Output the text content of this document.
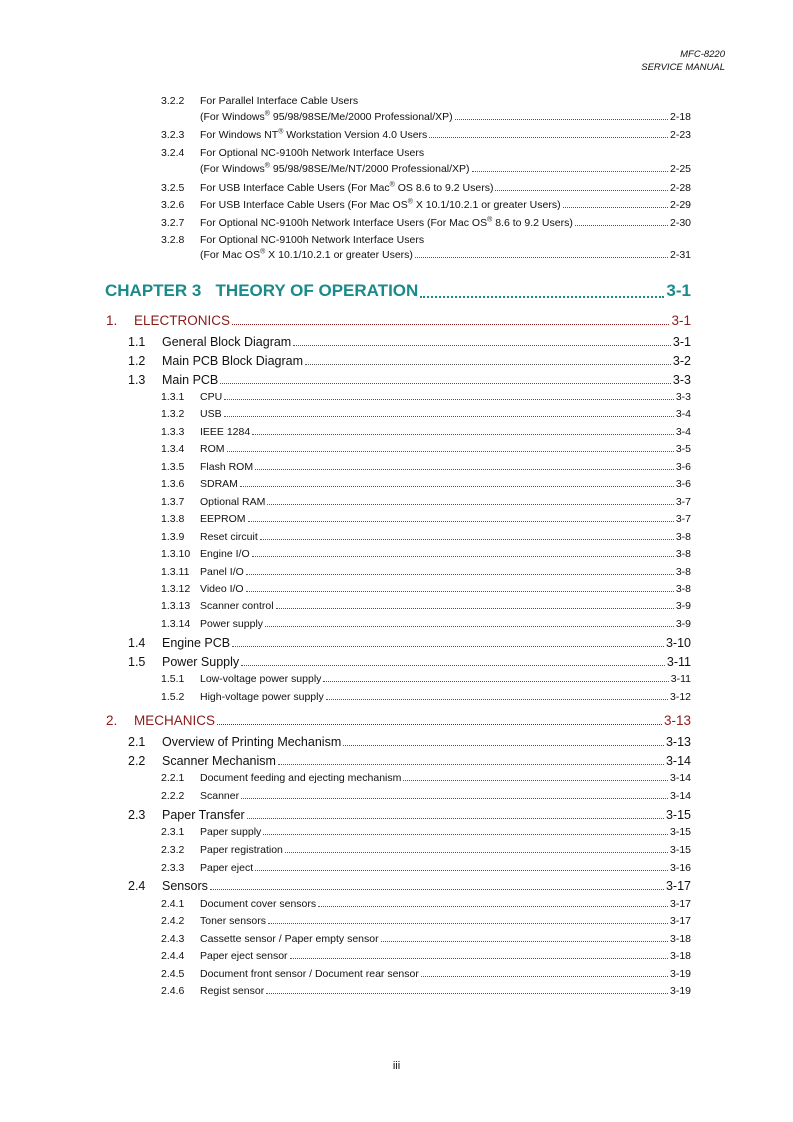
MFC-8220
SERVICE MANUAL
3.2.2	For Parallel Interface Cable Users
(For Windows® 95/98/98SE/Me/2000 Professional/XP)	2-18
3.2.3	For Windows NT® Workstation Version 4.0 Users	2-23
3.2.4	For Optional NC-9100h Network Interface Users
(For Windows® 95/98/98SE/Me/NT/2000 Professional/XP)	2-25
3.2.5	For USB Interface Cable Users (For Mac® OS 8.6 to 9.2 Users)	2-28
3.2.6	For USB Interface Cable Users (For Mac OS® X 10.1/10.2.1 or greater Users)	2-29
3.2.7	For Optional NC-9100h Network Interface Users (For Mac OS® 8.6 to 9.2 Users)	2-30
3.2.8	For Optional NC-9100h Network Interface Users
(For Mac OS® X 10.1/10.2.1 or greater Users)	2-31
CHAPTER 3 THEORY OF OPERATION	3-1
1.	ELECTRONICS	3-1
1.1	General Block Diagram	3-1
1.2	Main PCB Block Diagram	3-2
1.3	Main PCB	3-3
1.3.1	CPU	3-3
1.3.2	USB	3-4
1.3.3	IEEE 1284	3-4
1.3.4	ROM	3-5
1.3.5	Flash ROM	3-6
1.3.6	SDRAM	3-6
1.3.7	Optional RAM	3-7
1.3.8	EEPROM	3-7
1.3.9	Reset circuit	3-8
1.3.10 Engine I/O	3-8
1.3.11	Panel I/O	3-8
1.3.12 Video I/O	3-8
1.3.13 Scanner control	3-9
1.3.14 Power supply	3-9
1.4	Engine PCB	3-10
1.5	Power Supply	3-11
1.5.1	Low-voltage power supply	3-11
1.5.2	High-voltage power supply	3-12
2.	MECHANICS	3-13
2.1	Overview of Printing Mechanism	3-13
2.2	Scanner Mechanism	3-14
2.2.1	Document feeding and ejecting mechanism	3-14
2.2.2	Scanner	3-14
2.3	Paper Transfer	3-15
2.3.1	Paper supply	3-15
2.3.2	Paper registration	3-15
2.3.3	Paper eject	3-16
2.4	Sensors	3-17
2.4.1	Document cover sensors	3-17
2.4.2	Toner sensors	3-17
2.4.3	Cassette sensor / Paper empty sensor	3-18
2.4.4	Paper eject sensor	3-18
2.4.5	Document front sensor / Document rear sensor	3-19
2.4.6	Regist sensor	3-19
iii
